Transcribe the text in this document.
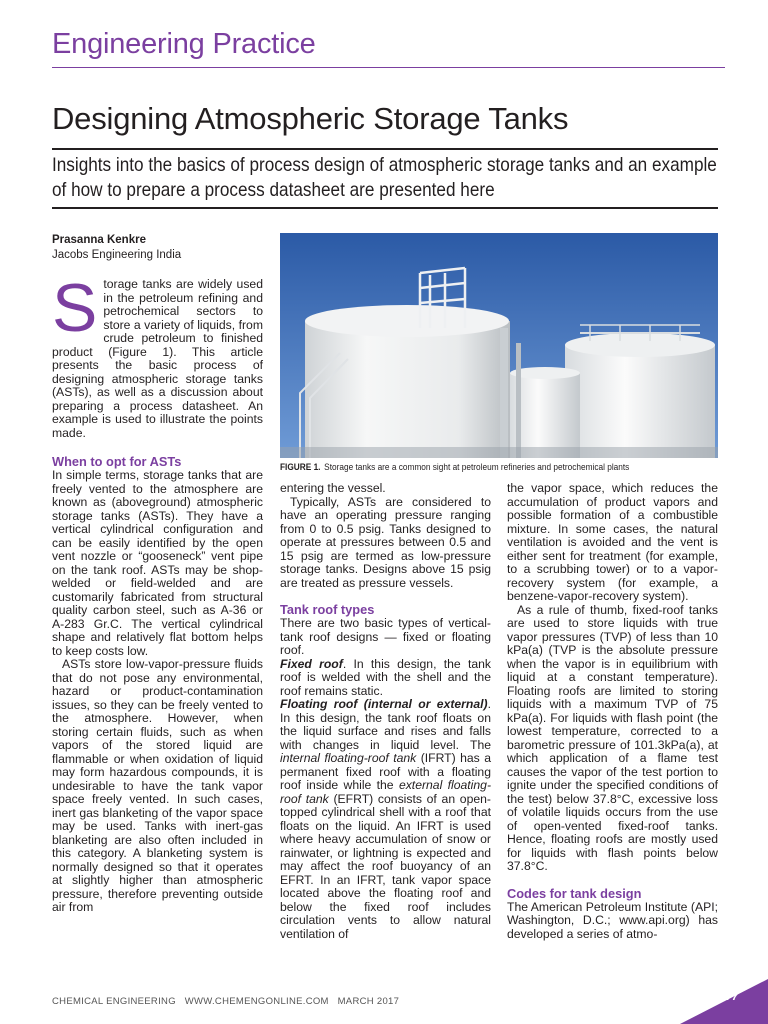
Engineering Practice
Designing Atmospheric Storage Tanks
Insights into the basics of process design of atmospheric storage tanks and an example of how to prepare a process datasheet are presented here
Prasanna Kenkre
Jacobs Engineering India
FIGURE 1. Storage tanks are a common sight at petroleum refineries and petrochemical plants
S torage tanks are widely used in the petroleum refining and petrochemical sectors to store a variety of liquids, from crude petroleum to finished product (Figure 1). This article presents the basic process of designing atmospheric storage tanks (ASTs), as well as a discussion about preparing a process datasheet. An example is used to illustrate the points made.

When to opt for ASTs

In simple terms, storage tanks that are freely vented to the atmosphere are known as (aboveground) atmospheric storage tanks (ASTs). They have a vertical cylindrical configuration and can be easily identified by the open vent nozzle or “gooseneck” vent pipe on the tank roof. ASTs may be shop-welded or field-welded and are customarily fabricated from structural quality carbon steel, such as A-36 or A-283 Gr.C. The vertical cylindrical shape and relatively flat bottom helps to keep costs low.

ASTs store low-vapor-pressure fluids that do not pose any environmental, hazard or product-contamination issues, so they can be freely vented to the atmosphere. However, when storing certain fluids, such as when vapors of the stored liquid are flammable or when oxidation of liquid may form hazardous compounds, it is undesirable to have the tank vapor space freely vented. In such cases, inert gas blanketing of the vapor space may be used. Tanks with inert-gas blanketing are also often included in this category. A blanketing system is normally designed so that it operates at slightly higher than atmospheric pressure, therefore preventing outside air from

entering the vessel.

Typically, ASTs are considered to have an operating pressure ranging from 0 to 0.5 psig. Tanks designed to operate at pressures between 0.5 and 15 psig are termed as low-pressure storage tanks. Designs above 15 psig are treated as pressure vessels.

Tank roof types

There are two basic types of vertical-tank roof designs — fixed or floating roof.

Fixed roof. In this design, the tank roof is welded with the shell and the roof remains static.

Floating roof (internal or external). In this design, the tank roof floats on the liquid surface and rises and falls with changes in liquid level. The internal floating-roof tank (IFRT) has a permanent fixed roof with a floating roof inside while the external floating-roof tank (EFRT) consists of an open-topped cylindrical shell with a roof that floats on the liquid. An IFRT is used where heavy accumulation of snow or rainwater, or lightning is expected and may affect the roof buoyancy of an EFRT. In an IFRT, tank vapor space located above the floating roof and below the fixed roof includes circulation vents to allow natural ventilation of

the vapor space, which reduces the accumulation of product vapors and possible formation of a combustible mixture. In some cases, the natural ventilation is avoided and the vent is either sent for treatment (for example, to a scrubbing tower) or to a vapor-recovery system (for example, a benzene-vapor-recovery system).

As a rule of thumb, fixed-roof tanks are used to store liquids with true vapor pressures (TVP) of less than 10 kPa(a) (TVP is the absolute pressure when the vapor is in equilibrium with liquid at a constant temperature). Floating roofs are limited to storing liquids with a maximum TVP of 75 kPa(a). For liquids with flash point (the lowest temperature, corrected to a barometric pressure of 101.3kPa(a), at which application of a flame test causes the vapor of the test portion to ignite under the specified conditions of the test) below 37.8°C, excessive loss of volatile liquids occurs from the use of open-vented fixed-roof tanks. Hence, floating roofs are mostly used for liquids with flash points below 37.8°C.

Codes for tank design

The American Petroleum Institute (API; Washington, D.C.; www.api.org) has developed a series of atmo-

CHEMICAL ENGINEERING WWW.CHEMENGONLINE.COM MARCH 2017	77
